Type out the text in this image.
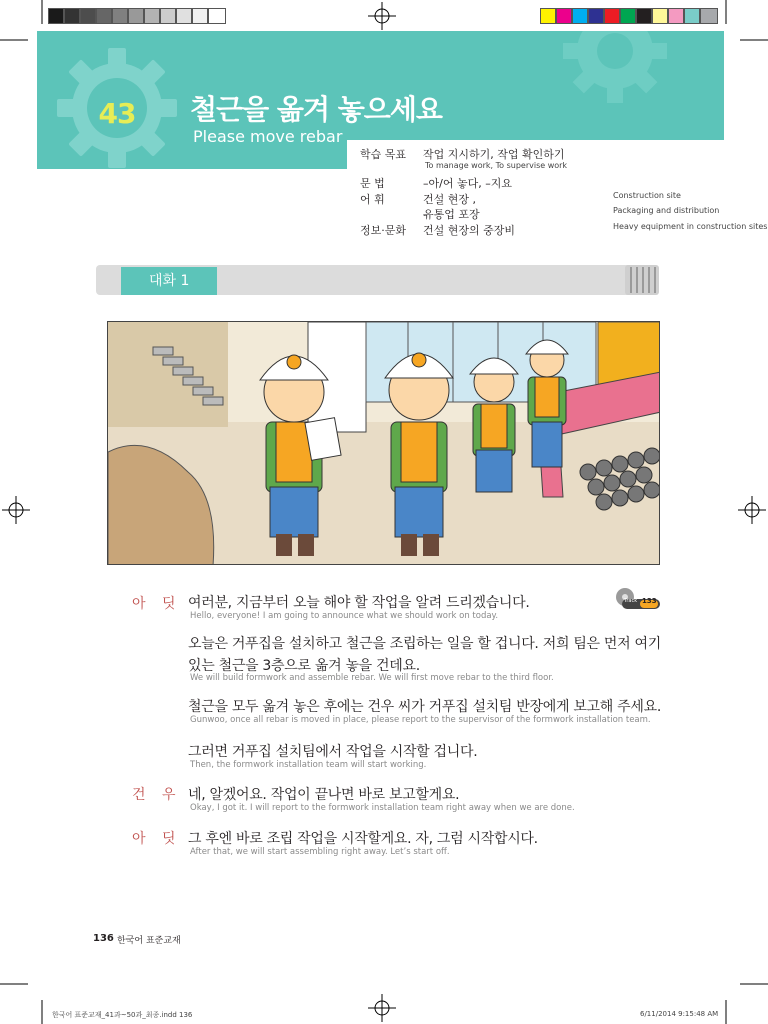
43 철근을 옮겨 놓으세요
Please move rebar
학습 목표 작업 지시하기, 작업 확인하기
To manage work, To supervise work
문 법	–아/어 놓다, –지요
어 휘	건설 현장	Construction site
,
유통업 포장	Packaging and distribution
정보·문화 건설 현장의 중장비	Heavy equipment in construction sites
대화 1
Track 133
아 딧 여러분, 지금부터 오늘 해야 할 작업을 알려 드리겠습니다.
Hello, everyone! I am going to announce what we should work on today.
오늘은 거푸집을 설치하고 철근을 조립하는 일을 할 겁니다. 저희 팀은 먼저 여기
있는 철근을 3층으로 옮겨 놓을 건데요.
We will build formwork and assemble rebar. We will first move rebar to the third floor.
철근을 모두 옮겨 놓은 후에는 건우 씨가 거푸집 설치팀 반장에게 보고해 주세요.
Gunwoo, once all rebar is moved in place, please report to the supervisor of the formwork installation team.
그러면 거푸집 설치팀에서 작업을 시작할 겁니다.
Then, the formwork installation team will start working.
건 우 네, 알겠어요. 작업이 끝나면 바로 보고할게요.
Okay, I got it. I will report to the formwork installation team right away when we are done.
아 딧 그 후엔 바로 조립 작업을 시작할게요. 자, 그럼 시작합시다.
After that, we will start assembling right away. Let’s start off.
136 한국어 표준교재
한국어 표준교재_41과~50과_최종.indd 136	6/11/2014 9:15:48 AM
